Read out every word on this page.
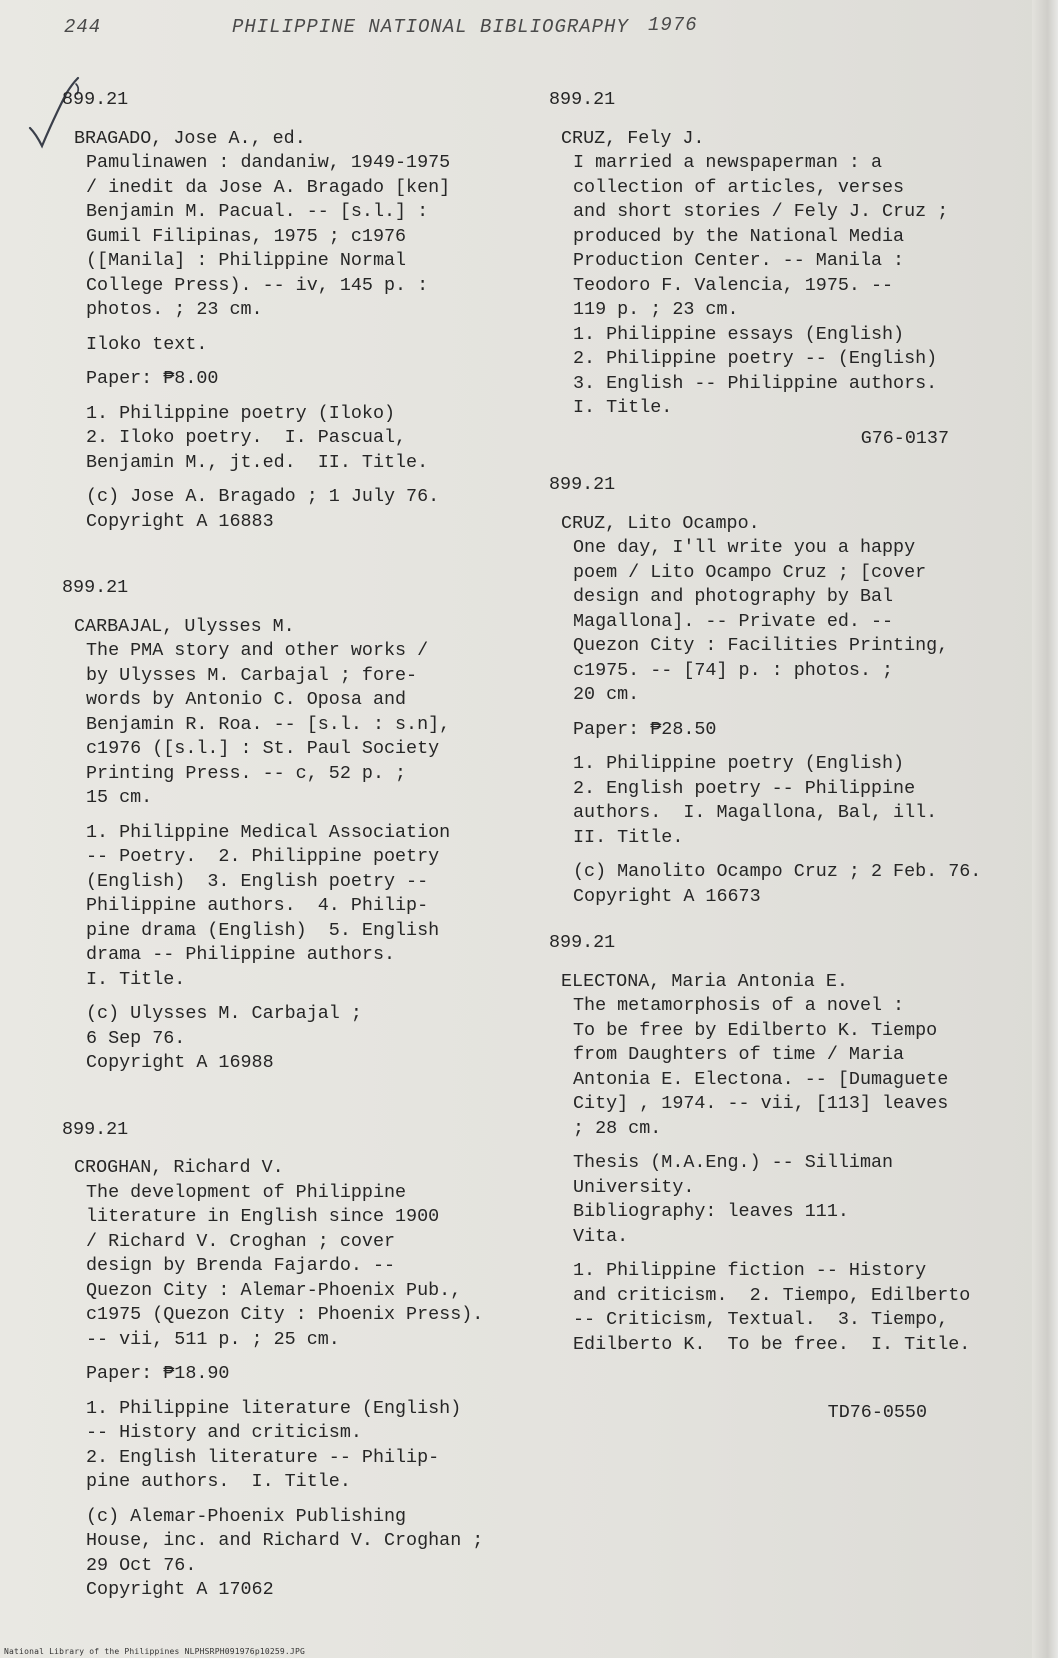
244	PHILIPPINE NATIONAL BIBLIOGRAPHY 1976
899.21
BRAGADO, Jose A., ed.
Pamulinawen : dandaniw, 1949-1975
/ inedit da Jose A. Bragado [ken]
Benjamin M. Pacual. -- [s.l.] :
Gumil Filipinas, 1975 ; c1976
([Manila] : Philippine Normal
College Press). -- iv, 145 p. :
photos. ; 23 cm.
Iloko text.
Paper: ₱8.00
1. Philippine poetry (Iloko)
2. Iloko poetry.  I. Pascual,
Benjamin M., jt.ed.  II. Title.
(c) Jose A. Bragado ; 1 July 76.
Copyright A 16883
899.21
CARBAJAL, Ulysses M.
The PMA story and other works /
by Ulysses M. Carbajal ; fore-
words by Antonio C. Oposa and
Benjamin R. Roa. -- [s.l. : s.n],
c1976 ([s.l.] : St. Paul Society
Printing Press. -- c, 52 p. ;
15 cm.
1. Philippine Medical Association
-- Poetry.  2. Philippine poetry
(English)  3. English poetry --
Philippine authors.  4. Philip-
pine drama (English)  5. English
drama -- Philippine authors.
I. Title.
(c) Ulysses M. Carbajal ;
6 Sep 76.
Copyright A 16988
899.21
CROGHAN, Richard V.
The development of Philippine
literature in English since 1900
/ Richard V. Croghan ; cover
design by Brenda Fajardo. --
Quezon City : Alemar-Phoenix Pub.,
c1975 (Quezon City : Phoenix Press).
-- vii, 511 p. ; 25 cm.
Paper: ₱18.90
1. Philippine literature (English)
-- History and criticism.
2. English literature -- Philip-
pine authors.  I. Title.
(c) Alemar-Phoenix Publishing
House, inc. and Richard V. Croghan ;
29 Oct 76.
Copyright A 17062
899.21
CRUZ, Fely J.
I married a newspaperman : a
collection of articles, verses
and short stories / Fely J. Cruz ;
produced by the National Media
Production Center. -- Manila :
Teodoro F. Valencia, 1975. --
119 p. ; 23 cm.
1. Philippine essays (English)
2. Philippine poetry -- (English)
3. English -- Philippine authors.
I. Title.
G76-0137
899.21
CRUZ, Lito Ocampo.
One day, I'll write you a happy
poem / Lito Ocampo Cruz ; [cover
design and photography by Bal
Magallona]. -- Private ed. --
Quezon City : Facilities Printing,
c1975. -- [74] p. : photos. ;
20 cm.
Paper: ₱28.50
1. Philippine poetry (English)
2. English poetry -- Philippine
authors.  I. Magallona, Bal, ill.
II. Title.
(c) Manolito Ocampo Cruz ; 2 Feb. 76.
Copyright A 16673
899.21
ELECTONA, Maria Antonia E.
The metamorphosis of a novel :
To be free by Edilberto K. Tiempo
from Daughters of time / Maria
Antonia E. Electona. -- [Dumaguete
City] , 1974. -- vii, [113] leaves
; 28 cm.
Thesis (M.A.Eng.) -- Silliman
University.
Bibliography: leaves 111.
Vita.
1. Philippine fiction -- History
and criticism.  2. Tiempo, Edilberto
-- Criticism, Textual.  3. Tiempo,
Edilberto K.  To be free.  I. Title.
TD76-0550
National Library of the Philippines NLPHSRPH091976p10259.JPG
